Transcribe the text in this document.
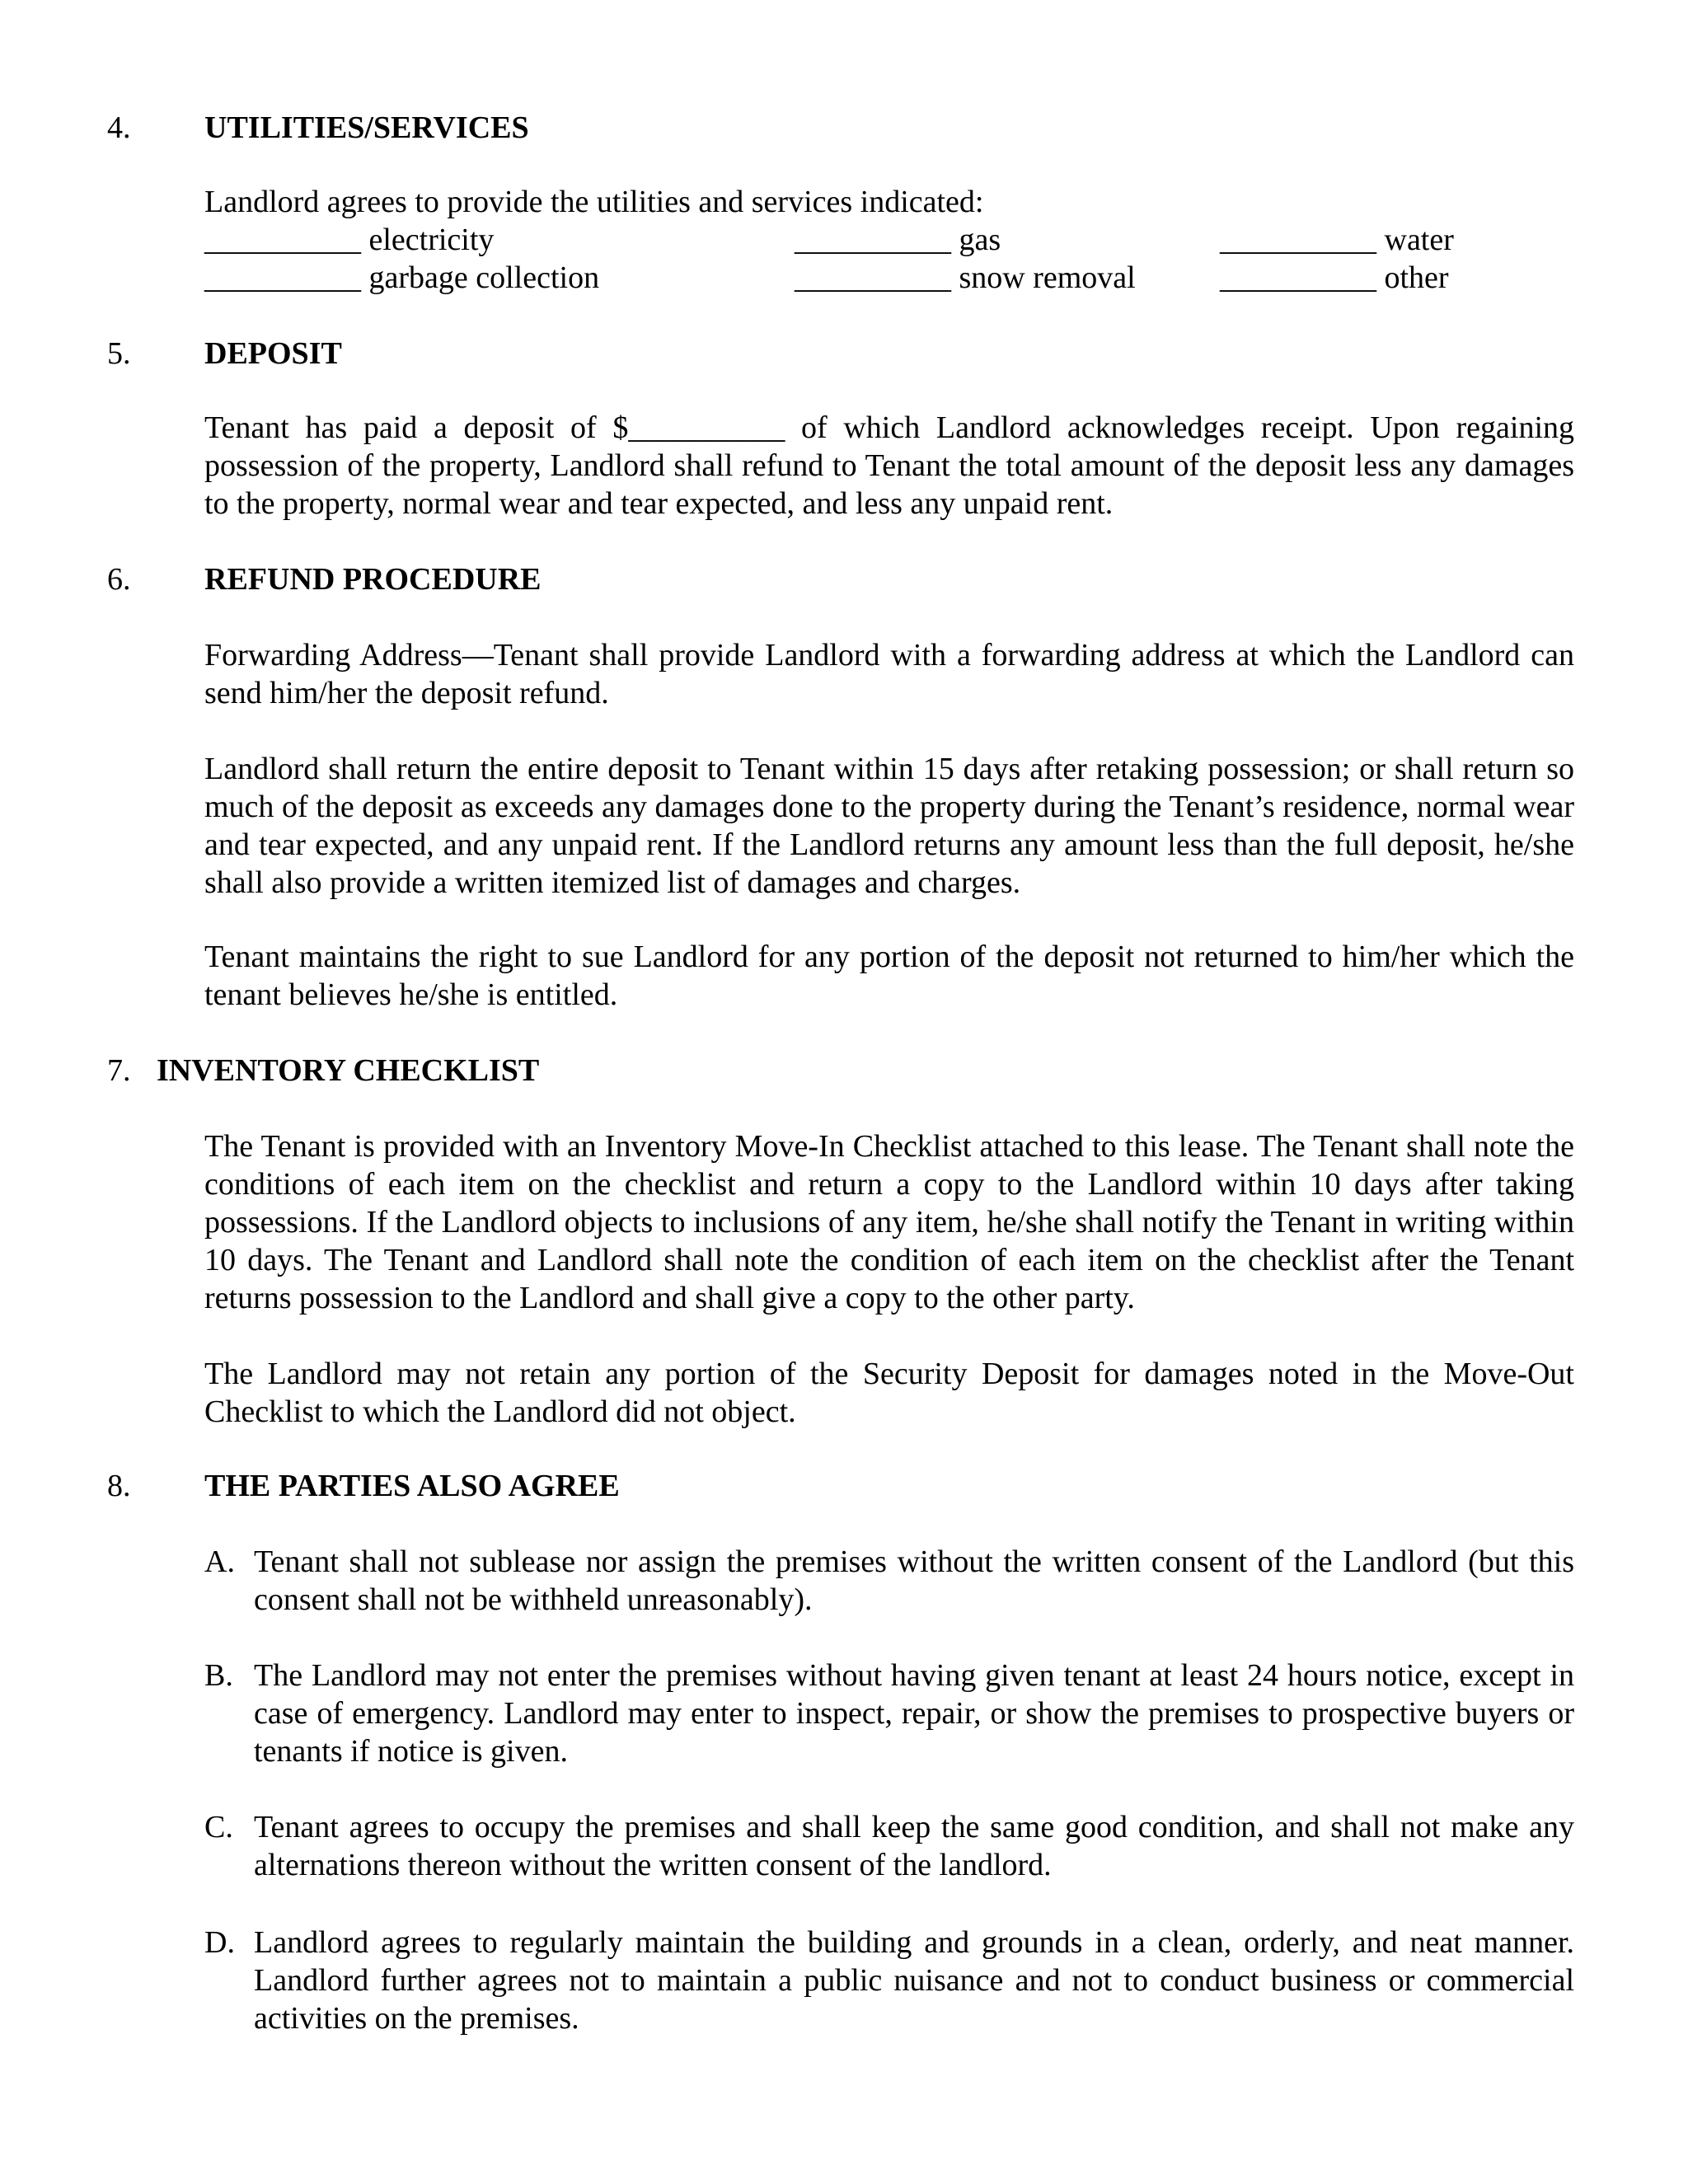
4. UTILITIES/SERVICES
Landlord agrees to provide the utilities and services indicated:
__________ electricity	__________ gas	__________ water
__________ garbage collection	__________ snow removal	__________ other
5. DEPOSIT
Tenant has paid a deposit of $__________ of which Landlord acknowledges receipt. Upon regaining possession of the property, Landlord shall refund to Tenant the total amount of the deposit less any damages to the property, normal wear and tear expected, and less any unpaid rent.
6. REFUND PROCEDURE
Forwarding Address—Tenant shall provide Landlord with a forwarding address at which the Landlord can send him/her the deposit refund.
Landlord shall return the entire deposit to Tenant within 15 days after retaking possession; or shall return so much of the deposit as exceeds any damages done to the property during the Tenant’s residence, normal wear and tear expected, and any unpaid rent. If the Landlord returns any amount less than the full deposit, he/she shall also provide a written itemized list of damages and charges.
Tenant maintains the right to sue Landlord for any portion of the deposit not returned to him/her which the tenant believes he/she is entitled.
7. INVENTORY CHECKLIST
The Tenant is provided with an Inventory Move-In Checklist attached to this lease. The Tenant shall note the conditions of each item on the checklist and return a copy to the Landlord within 10 days after taking possessions. If the Landlord objects to inclusions of any item, he/she shall notify the Tenant in writing within 10 days. The Tenant and Landlord shall note the condition of each item on the checklist after the Tenant returns possession to the Landlord and shall give a copy to the other party.
The Landlord may not retain any portion of the Security Deposit for damages noted in the Move-Out Checklist to which the Landlord did not object.
8. THE PARTIES ALSO AGREE
A. Tenant shall not sublease nor assign the premises without the written consent of the Landlord (but this consent shall not be withheld unreasonably).
B. The Landlord may not enter the premises without having given tenant at least 24 hours notice, except in case of emergency. Landlord may enter to inspect, repair, or show the premises to prospective buyers or tenants if notice is given.
C. Tenant agrees to occupy the premises and shall keep the same good condition, and shall not make any alternations thereon without the written consent of the landlord.
D. Landlord agrees to regularly maintain the building and grounds in a clean, orderly, and neat manner. Landlord further agrees not to maintain a public nuisance and not to conduct business or commercial activities on the premises.
